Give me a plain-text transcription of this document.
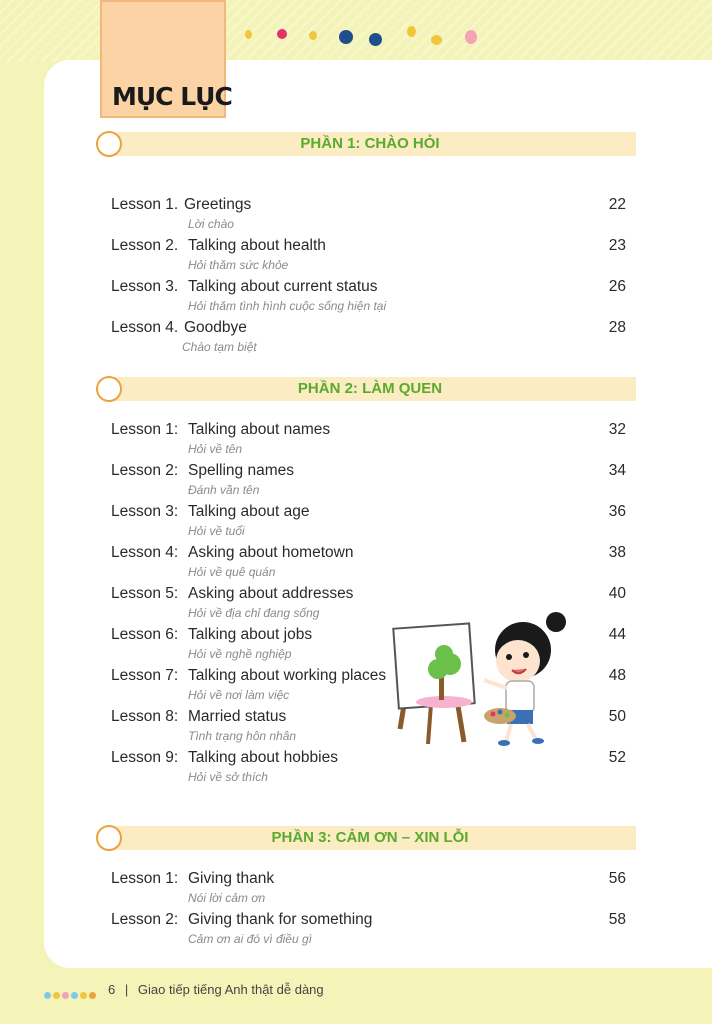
MỤC LỤC
PHẦN 1: CHÀO HỎI
Lesson 1. Greetings	22
Lời chào
Lesson 2. Talking about health	23
Hỏi thăm sức khỏe
Lesson 3. Talking about current status	26
Hỏi thăm tình hình cuộc sống hiện tại
Lesson 4. Goodbye	28
Chào tạm biệt
PHẦN 2: LÀM QUEN
Lesson 1: Talking about names	32
Hỏi về tên
Lesson 2: Spelling names	34
Đánh vần tên
Lesson 3: Talking about age	36
Hỏi về tuổi
Lesson 4: Asking about hometown	38
Hỏi về quê quán
Lesson 5: Asking about addresses	40
Hỏi về địa chỉ đang sống
Lesson 6: Talking about jobs	44
Hỏi về nghề nghiệp
Lesson 7: Talking about working places	48
Hỏi về nơi làm việc
Lesson 8: Married status	50
Tình trạng hôn nhân
Lesson 9: Talking about hobbies	52
Hỏi về sở thích
PHẦN 3: CẢM ƠN – XIN LỖI
Lesson 1: Giving thank	56
Nói lời cảm ơn
Lesson 2: Giving thank for something	58
Cảm ơn ai đó vì điều gì
6 | Giao tiếp tiếng Anh thật dễ dàng
